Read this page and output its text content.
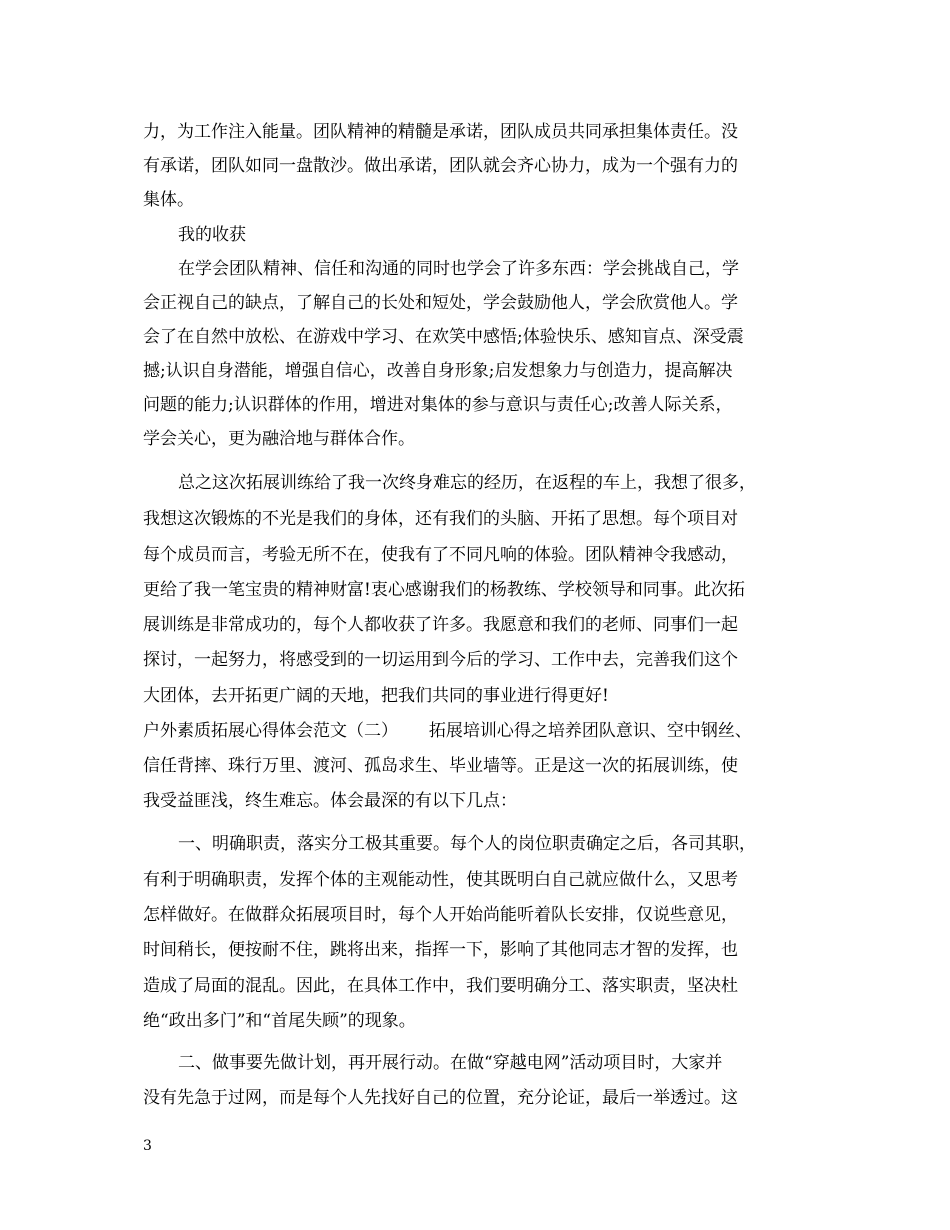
力，为工作注入能量。团队精神的精髓是承诺，团队成员共同承担集体责任。没
有承诺，团队如同一盘散沙。做出承诺，团队就会齐心协力，成为一个强有力的
集体。
我的收获
在学会团队精神、信任和沟通的同时也学会了许多东西：学会挑战自己，学
会正视自己的缺点，了解自己的长处和短处，学会鼓励他人，学会欣赏他人。学
会了在自然中放松、在游戏中学习、在欢笑中感悟;体验快乐、感知盲点、深受震
撼;认识自身潜能，增强自信心，改善自身形象;启发想象力与创造力，提高解决
问题的能力;认识群体的作用，增进对集体的参与意识与责任心;改善人际关系，
学会关心，更为融洽地与群体合作。
总之这次拓展训练给了我一次终身难忘的经历，在返程的车上，我想了很多，
我想这次锻炼的不光是我们的身体，还有我们的头脑、开拓了思想。每个项目对
每个成员而言，考验无所不在，使我有了不同凡响的体验。团队精神令我感动，
更给了我一笔宝贵的精神财富!衷心感谢我们的杨教练、学校领导和同事。此次拓
展训练是非常成功的，每个人都收获了许多。我愿意和我们的老师、同事们一起
探讨，一起努力，将感受到的一切运用到今后的学习、工作中去，完善我们这个
大团体，去开拓更广阔的天地，把我们共同的事业进行得更好!
户外素质拓展心得体会范文（二）　　 拓展培训心得之培养团队意识、空中钢丝、
信任背摔、珠行万里、渡河、孤岛求生、毕业墙等。正是这一次的拓展训练，使
我受益匪浅，终生难忘。体会最深的有以下几点：
一、明确职责，落实分工极其重要。每个人的岗位职责确定之后，各司其职，
有利于明确职责，发挥个体的主观能动性，使其既明白自己就应做什么，又思考
怎样做好。在做群众拓展项目时，每个人开始尚能听着队长安排，仅说些意见，
时间稍长，便按耐不住，跳将出来，指挥一下，影响了其他同志才智的发挥，也
造成了局面的混乱。因此，在具体工作中，我们要明确分工、落实职责，坚决杜
绝“政出多门”和“首尾失顾”的现象。
二、做事要先做计划，再开展行动。在做“穿越电网”活动项目时，大家并
没有先急于过网，而是每个人先找好自己的位置，充分论证，最后一举透过。这
3
